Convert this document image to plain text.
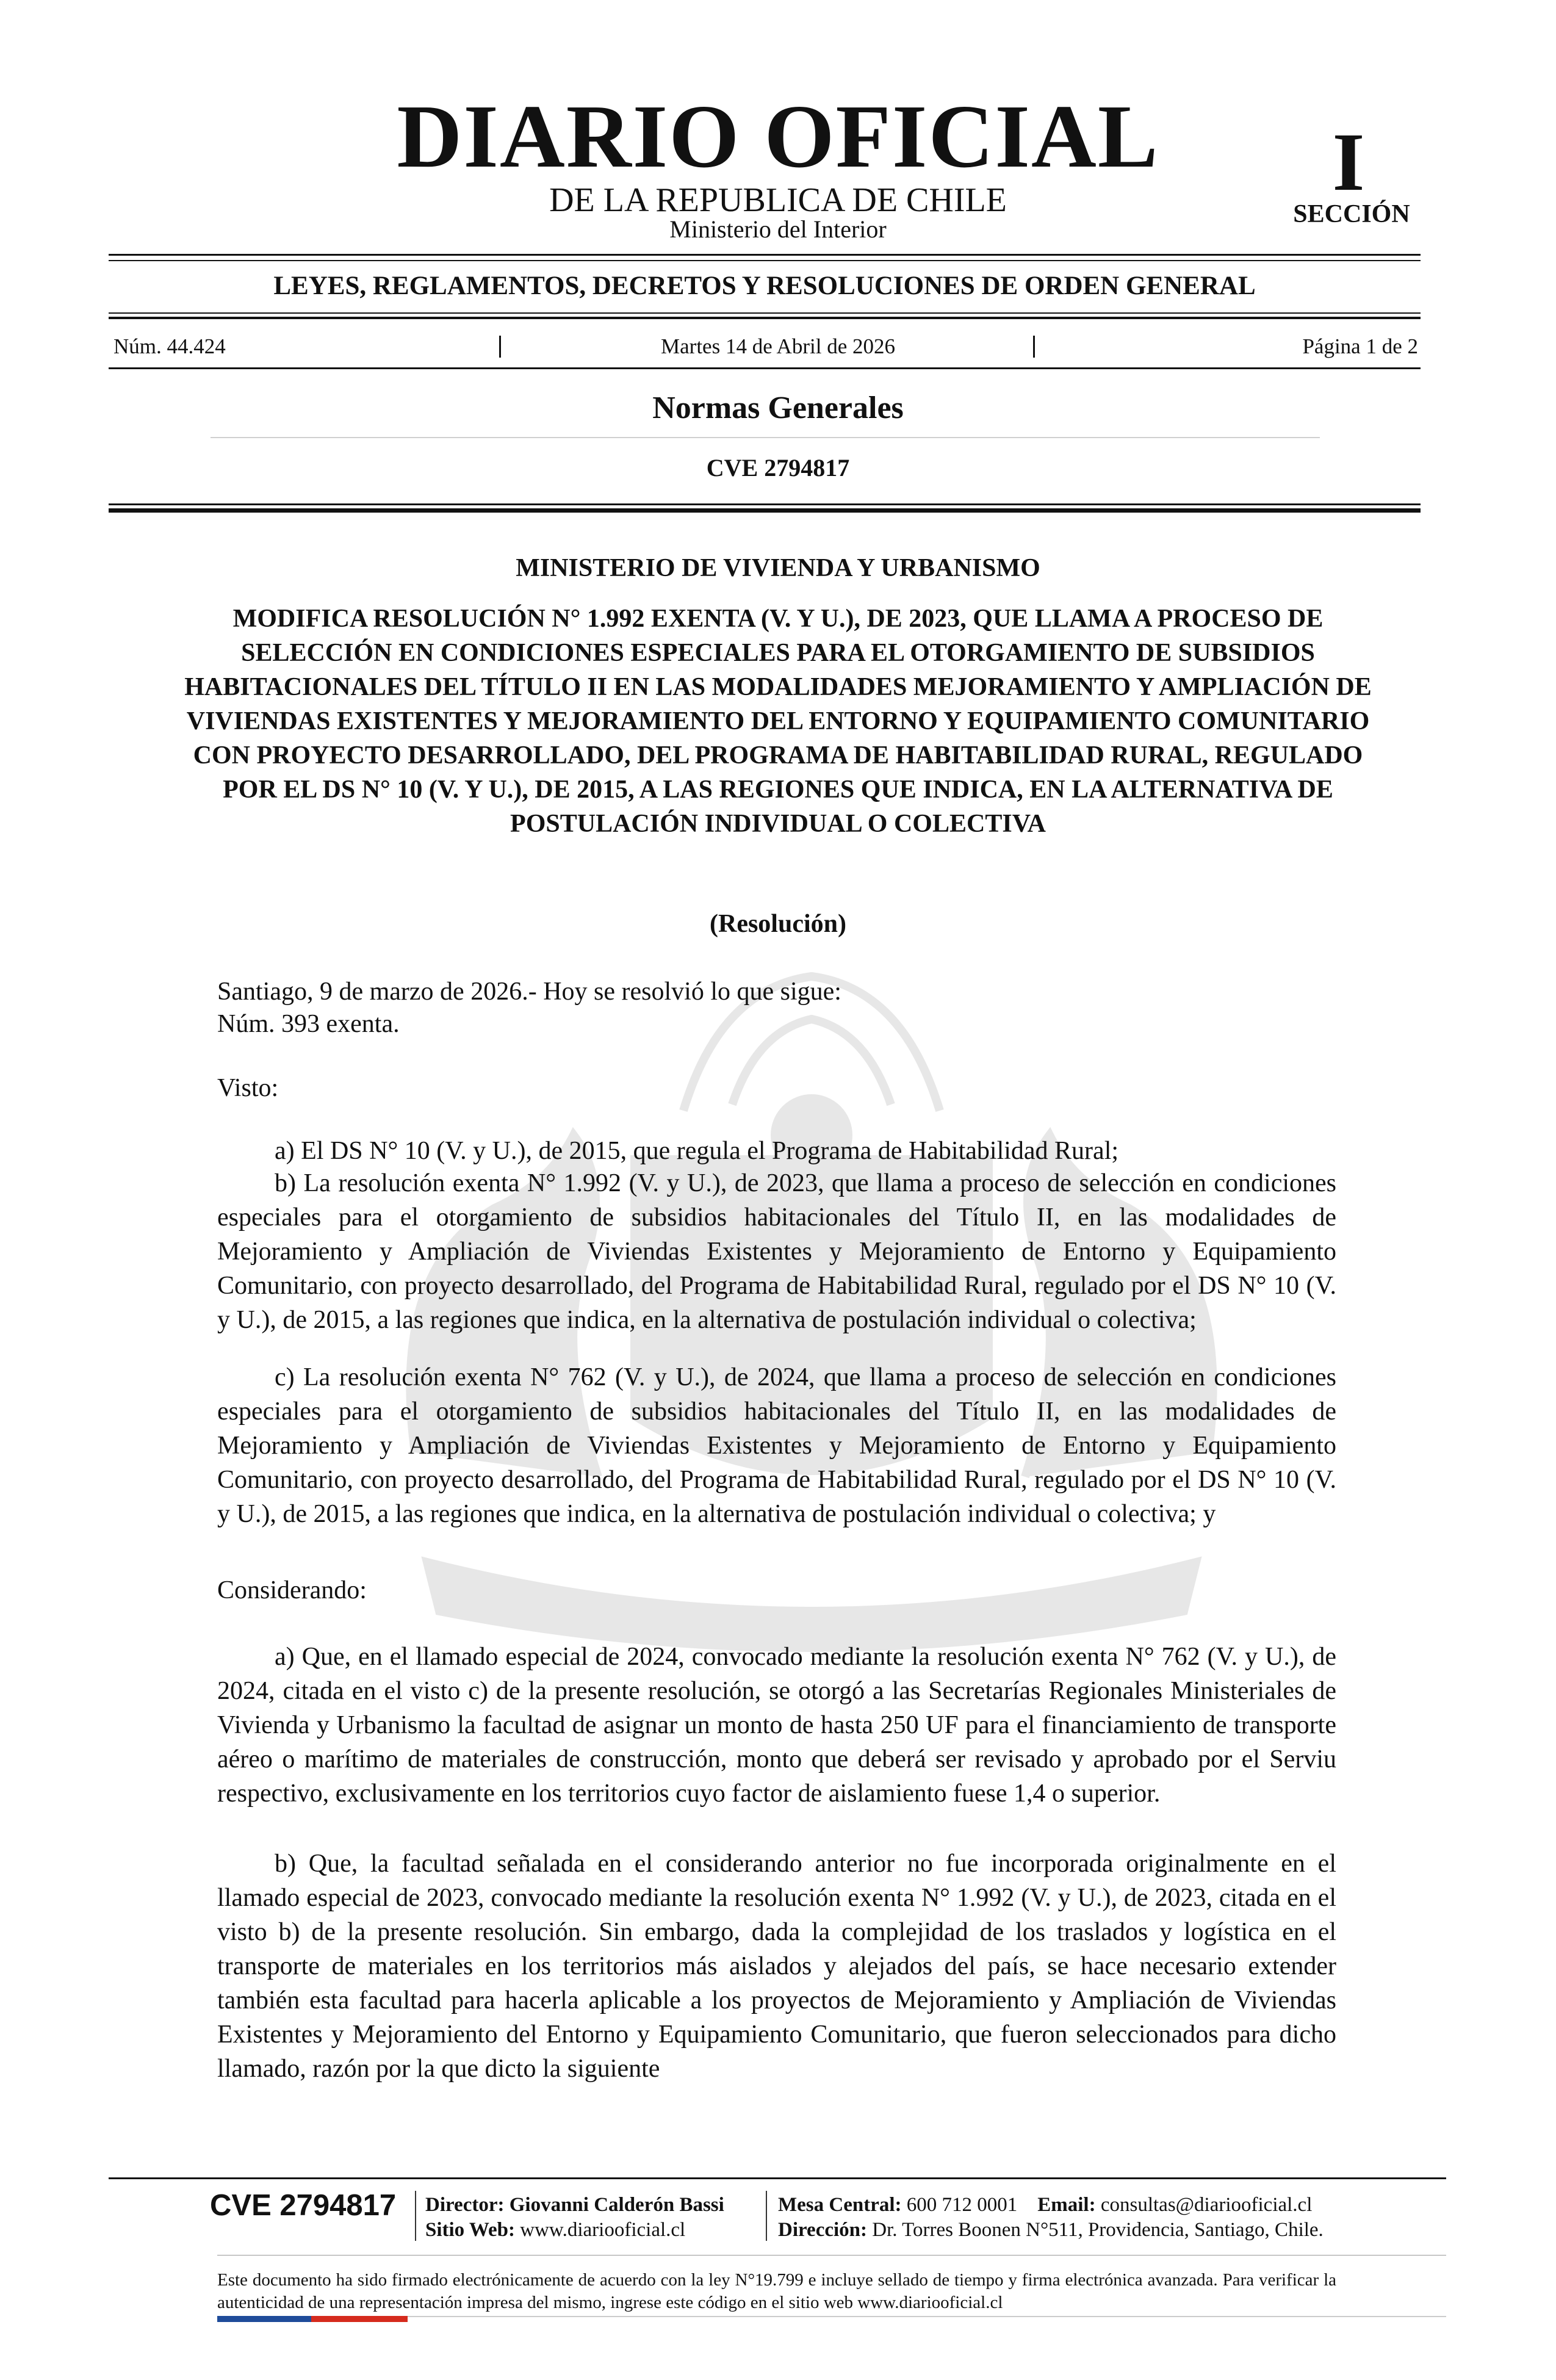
DIARIO OFICIAL
DE LA REPUBLICA DE CHILE
Ministerio del Interior
I
SECCIÓN
LEYES, REGLAMENTOS, DECRETOS Y RESOLUCIONES DE ORDEN GENERAL
Núm. 44.424	Martes 14 de Abril de 2026	Página 1 de 2
Normas Generales
CVE 2794817
MINISTERIO DE VIVIENDA Y URBANISMO
MODIFICA RESOLUCIÓN N° 1.992 EXENTA (V. Y U.), DE 2023, QUE LLAMA A PROCESO DE SELECCIÓN EN CONDICIONES ESPECIALES PARA EL OTORGAMIENTO DE SUBSIDIOS HABITACIONALES DEL TÍTULO II EN LAS MODALIDADES MEJORAMIENTO Y AMPLIACIÓN DE VIVIENDAS EXISTENTES Y MEJORAMIENTO DEL ENTORNO Y EQUIPAMIENTO COMUNITARIO CON PROYECTO DESARROLLADO, DEL PROGRAMA DE HABITABILIDAD RURAL, REGULADO POR EL DS N° 10 (V. Y U.), DE 2015, A LAS REGIONES QUE INDICA, EN LA ALTERNATIVA DE POSTULACIÓN INDIVIDUAL O COLECTIVA
(Resolución)
Santiago, 9 de marzo de 2026.- Hoy se resolvió lo que sigue:
Núm. 393 exenta.
Visto:
a) El DS N° 10 (V. y U.), de 2015, que regula el Programa de Habitabilidad Rural;
b) La resolución exenta N° 1.992 (V. y U.), de 2023, que llama a proceso de selección en condiciones especiales para el otorgamiento de subsidios habitacionales del Título II, en las modalidades de Mejoramiento y Ampliación de Viviendas Existentes y Mejoramiento de Entorno y Equipamiento Comunitario, con proyecto desarrollado, del Programa de Habitabilidad Rural, regulado por el DS N° 10 (V. y U.), de 2015, a las regiones que indica, en la alternativa de postulación individual o colectiva;
c) La resolución exenta N° 762 (V. y U.), de 2024, que llama a proceso de selección en condiciones especiales para el otorgamiento de subsidios habitacionales del Título II, en las modalidades de Mejoramiento y Ampliación de Viviendas Existentes y Mejoramiento de Entorno y Equipamiento Comunitario, con proyecto desarrollado, del Programa de Habitabilidad Rural, regulado por el DS N° 10 (V. y U.), de 2015, a las regiones que indica, en la alternativa de postulación individual o colectiva; y
Considerando:
a) Que, en el llamado especial de 2024, convocado mediante la resolución exenta N° 762 (V. y U.), de 2024, citada en el visto c) de la presente resolución, se otorgó a las Secretarías Regionales Ministeriales de Vivienda y Urbanismo la facultad de asignar un monto de hasta 250 UF para el financiamiento de transporte aéreo o marítimo de materiales de construcción, monto que deberá ser revisado y aprobado por el Serviu respectivo, exclusivamente en los territorios cuyo factor de aislamiento fuese 1,4 o superior.
b) Que, la facultad señalada en el considerando anterior no fue incorporada originalmente en el llamado especial de 2023, convocado mediante la resolución exenta N° 1.992 (V. y U.), de 2023, citada en el visto b) de la presente resolución. Sin embargo, dada la complejidad de los traslados y logística en el transporte de materiales en los territorios más aislados y alejados del país, se hace necesario extender también esta facultad para hacerla aplicable a los proyectos de Mejoramiento y Ampliación de Viviendas Existentes y Mejoramiento del Entorno y Equipamiento Comunitario, que fueron seleccionados para dicho llamado, razón por la que dicto la siguiente
CVE 2794817 Director: Giovanni Calderón Bassi
Sitio Web: www.diariooficial.cl
Mesa Central: 600 712 0001 Email: consultas@diariooficial.cl
Dirección: Dr. Torres Boonen N°511, Providencia, Santiago, Chile.
Este documento ha sido firmado electrónicamente de acuerdo con la ley N°19.799 e incluye sellado de tiempo y firma electrónica avanzada. Para verificar la autenticidad de una representación impresa del mismo, ingrese este código en el sitio web www.diariooficial.cl
